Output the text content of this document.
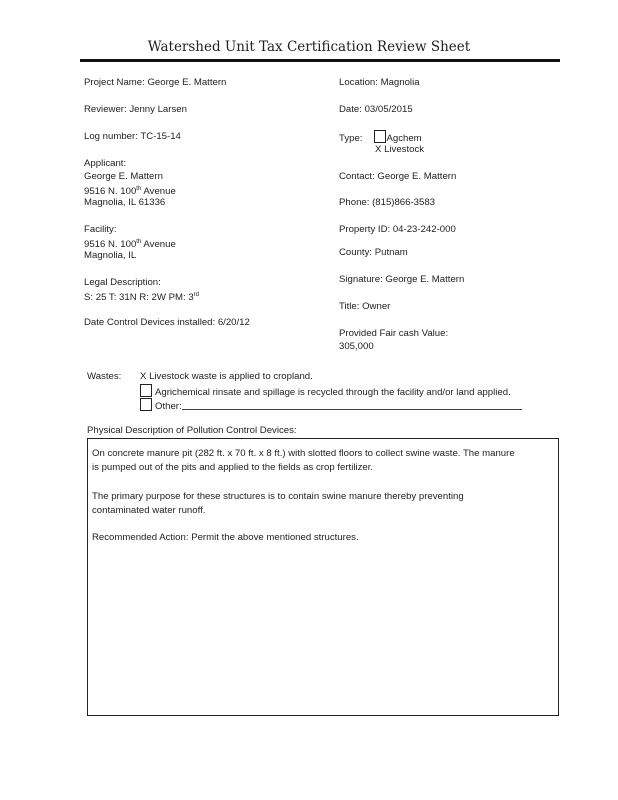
Watershed Unit Tax Certification Review Sheet
Project Name: George E. Mattern
Reviewer: Jenny Larsen
Log number: TC-15-14
Applicant:
George E. Mattern
9516 N. 100th Avenue
Magnolia, IL 61336
Facility:
9516 N. 100th Avenue
Magnolia, IL
Legal Description:
S: 25 T: 31N R: 2W PM: 3rd
Date Control Devices installed: 6/20/12
Location: Magnolia
Date: 03/05/2015
Type:	Agchem
X Livestock
Contact: George E. Mattern
Phone: (815)866-3583
Property ID: 04-23-242-000
County: Putnam
Signature: George E. Mattern
Title: Owner
Provided Fair cash Value:
305,000
Wastes: X Livestock waste is applied to cropland.
Agrichemical rinsate and spillage is recycled through the facility and/or land applied.
Other:
Physical Description of Pollution Control Devices:
On concrete manure pit (282 ft. x 70 ft. x 8 ft.) with slotted floors to collect swine waste. The manure
is pumped out of the pits and applied to the fields as crop fertilizer.
The primary purpose for these structures is to contain swine manure thereby preventing
contaminated water runoff.
Recommended Action: Permit the above mentioned structures.
